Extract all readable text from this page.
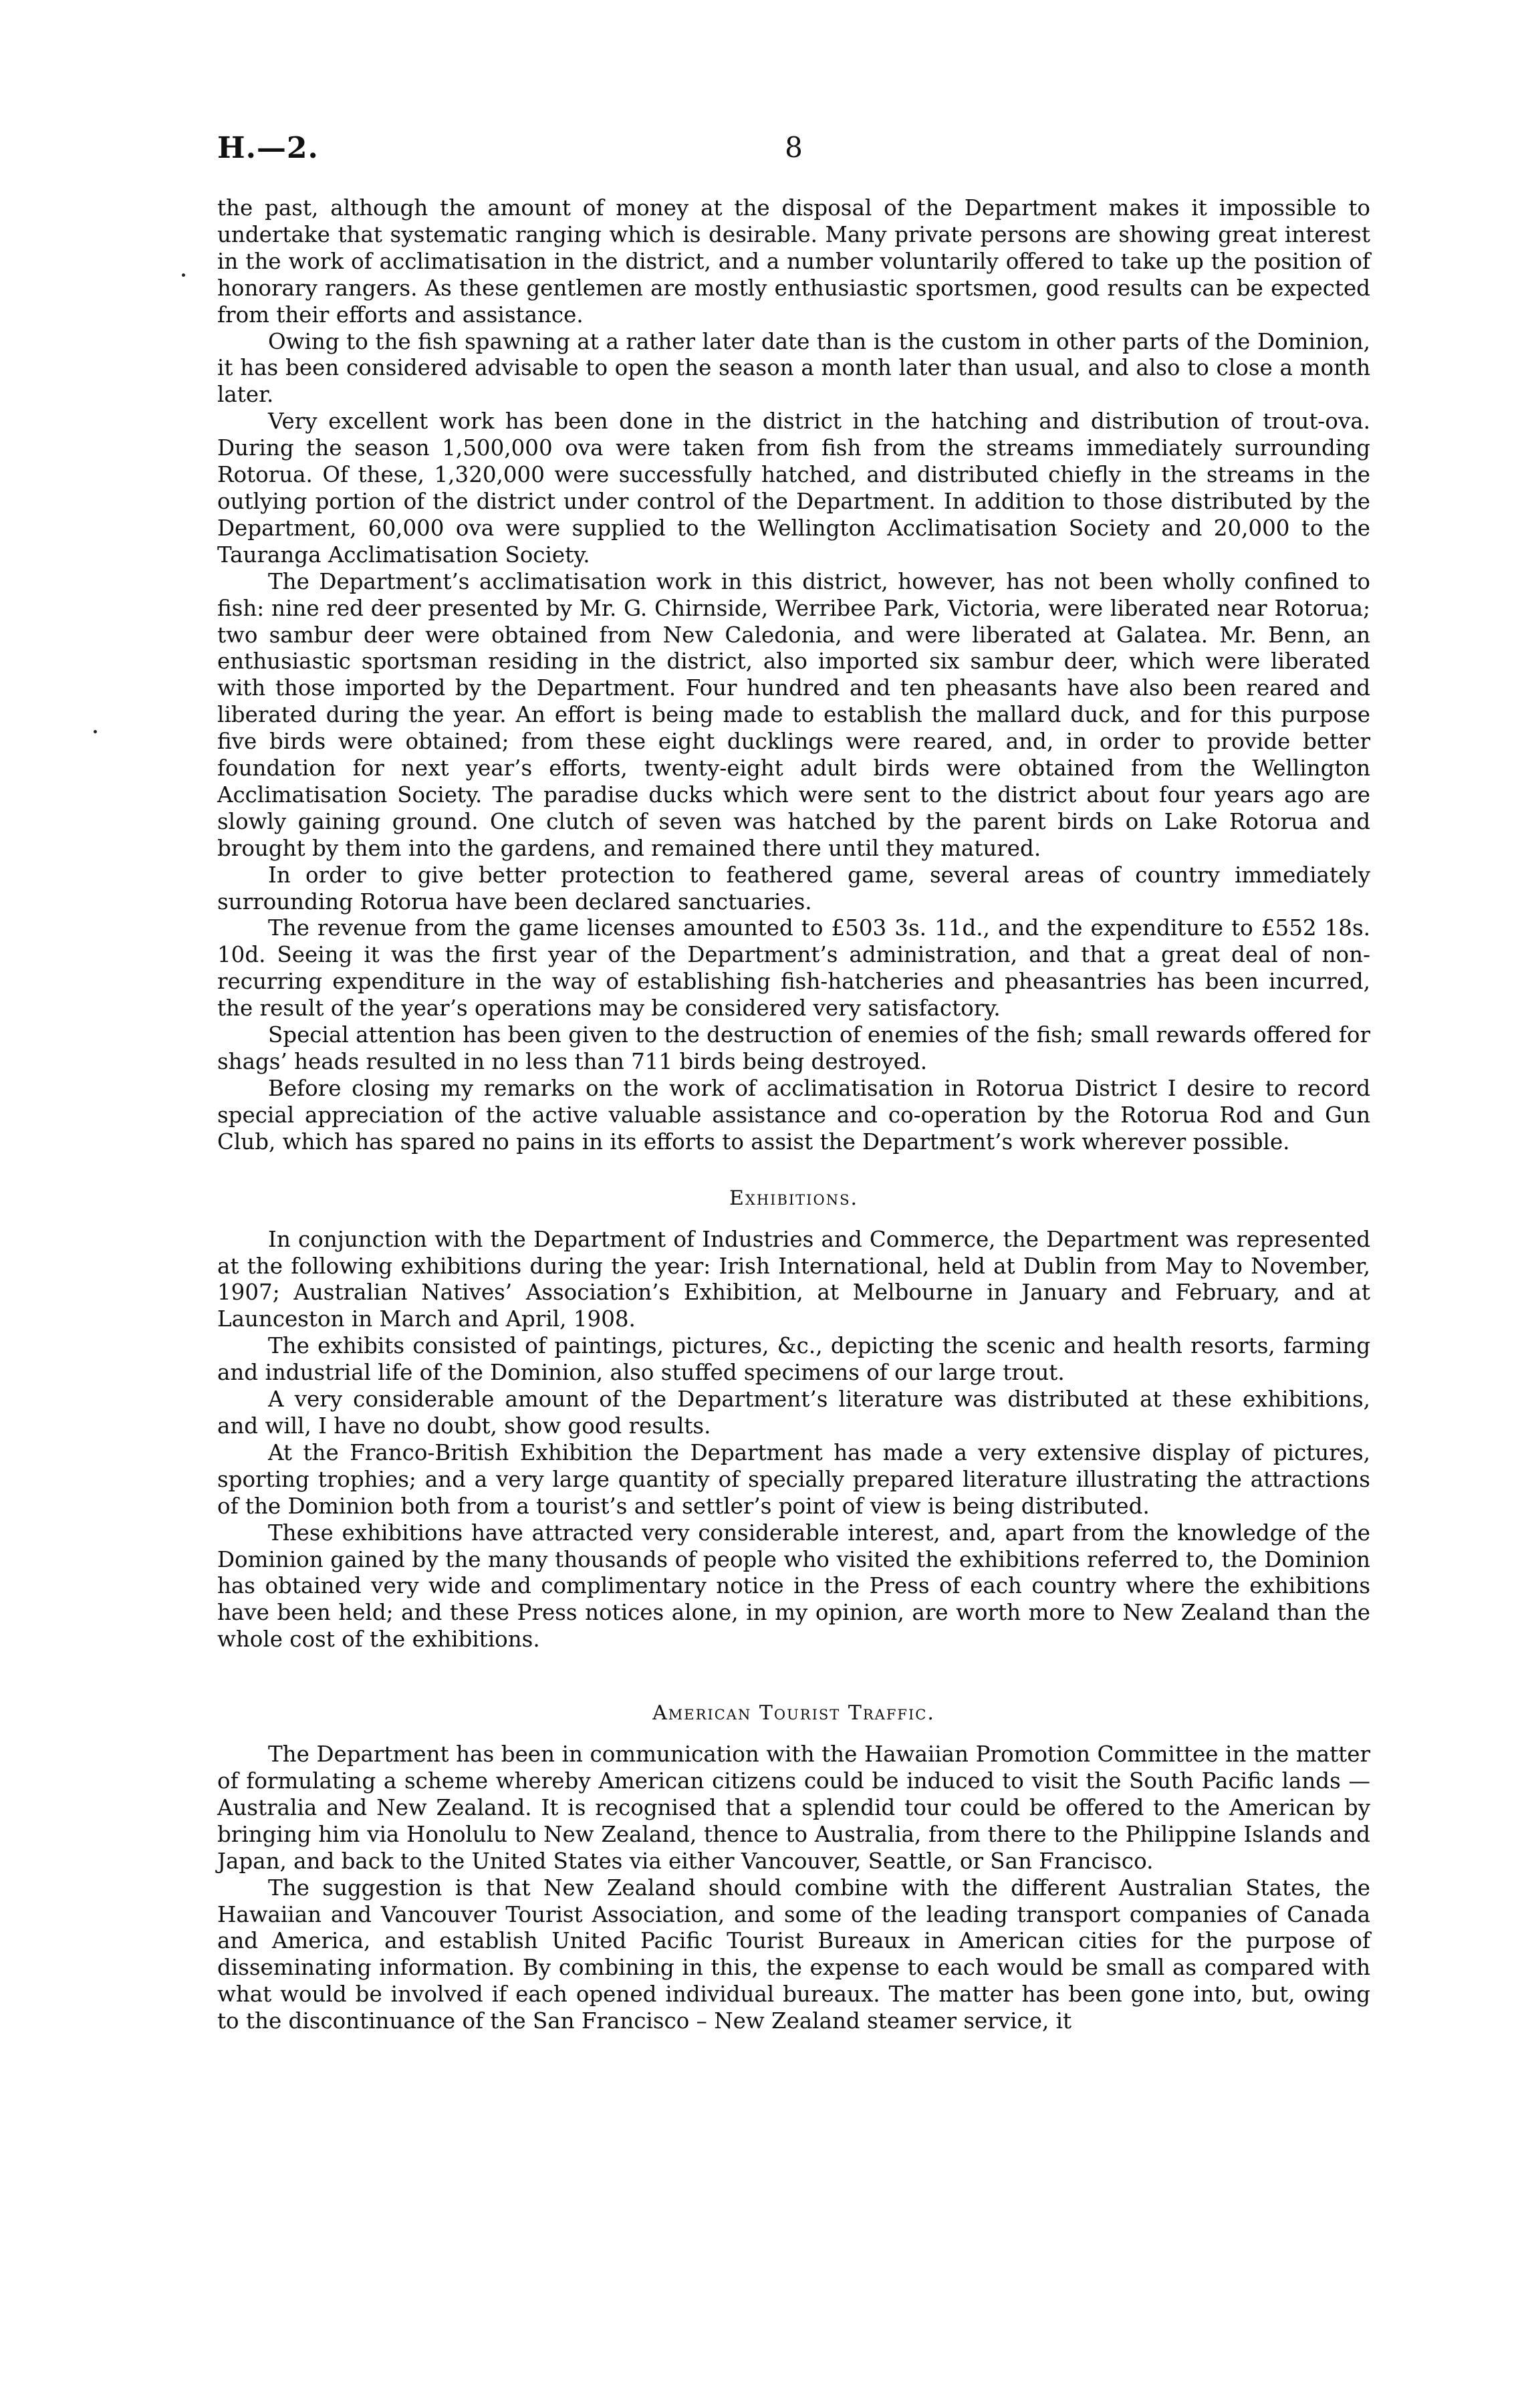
H.—2.	8

the past, although the amount of money at the disposal of the Department makes it impossible to undertake that systematic ranging which is desirable. Many private persons are showing great interest in the work of acclimatisation in the district, and a number voluntarily offered to take up the position of honorary rangers. As these gentlemen are mostly enthusiastic sportsmen, good results can be expected from their efforts and assistance.

Owing to the fish spawning at a rather later date than is the custom in other parts of the Dominion, it has been considered advisable to open the season a month later than usual, and also to close a month later.

Very excellent work has been done in the district in the hatching and distribution of trout-ova. During the season 1,500,000 ova were taken from fish from the streams immediately surrounding Rotorua. Of these, 1,320,000 were successfully hatched, and distributed chiefly in the streams in the outlying portion of the district under control of the Department. In addition to those distributed by the Department, 60,000 ova were supplied to the Wellington Acclimatisation Society and 20,000 to the Tauranga Acclimatisation Society.

The Department’s acclimatisation work in this district, however, has not been wholly confined to fish: nine red deer presented by Mr. G. Chirnside, Werribee Park, Victoria, were liberated near Rotorua; two sambur deer were obtained from New Caledonia, and were liberated at Galatea. Mr. Benn, an enthusiastic sportsman residing in the district, also imported six sambur deer, which were liberated with those imported by the Department. Four hundred and ten pheasants have also been reared and liberated during the year. An effort is being made to establish the mallard duck, and for this purpose five birds were obtained; from these eight ducklings were reared, and, in order to provide better foundation for next year’s efforts, twenty-eight adult birds were obtained from the Wellington Acclimatisation Society. The paradise ducks which were sent to the district about four years ago are slowly gaining ground. One clutch of seven was hatched by the parent birds on Lake Rotorua and brought by them into the gardens, and remained there until they matured.

In order to give better protection to feathered game, several areas of country immediately surrounding Rotorua have been declared sanctuaries.

The revenue from the game licenses amounted to £503 3s. 11d., and the expenditure to £552 18s. 10d. Seeing it was the first year of the Department’s administration, and that a great deal of non-recurring expenditure in the way of establishing fish-hatcheries and pheasantries has been incurred, the result of the year’s operations may be considered very satisfactory.

Special attention has been given to the destruction of enemies of the fish; small rewards offered for shags’ heads resulted in no less than 711 birds being destroyed.

Before closing my remarks on the work of acclimatisation in Rotorua District I desire to record special appreciation of the active valuable assistance and co-operation by the Rotorua Rod and Gun Club, which has spared no pains in its efforts to assist the Department’s work wherever possible.

Exhibitions.

In conjunction with the Department of Industries and Commerce, the Department was represented at the following exhibitions during the year: Irish International, held at Dublin from May to November, 1907; Australian Natives’ Association’s Exhibition, at Melbourne in January and February, and at Launceston in March and April, 1908.

The exhibits consisted of paintings, pictures, &c., depicting the scenic and health resorts, farming and industrial life of the Dominion, also stuffed specimens of our large trout.

A very considerable amount of the Department’s literature was distributed at these exhibitions, and will, I have no doubt, show good results.

At the Franco-British Exhibition the Department has made a very extensive display of pictures, sporting trophies; and a very large quantity of specially prepared literature illustrating the attractions of the Dominion both from a tourist’s and settler’s point of view is being distributed.

These exhibitions have attracted very considerable interest, and, apart from the knowledge of the Dominion gained by the many thousands of people who visited the exhibitions referred to, the Dominion has obtained very wide and complimentary notice in the Press of each country where the exhibitions have been held; and these Press notices alone, in my opinion, are worth more to New Zealand than the whole cost of the exhibitions.

American Tourist Traffic.

The Department has been in communication with the Hawaiian Promotion Committee in the matter of formulating a scheme whereby American citizens could be induced to visit the South Pacific lands — Australia and New Zealand. It is recognised that a splendid tour could be offered to the American by bringing him via Honolulu to New Zealand, thence to Australia, from there to the Philippine Islands and Japan, and back to the United States via either Vancouver, Seattle, or San Francisco.

The suggestion is that New Zealand should combine with the different Australian States, the Hawaiian and Vancouver Tourist Association, and some of the leading transport companies of Canada and America, and establish United Pacific Tourist Bureaux in American cities for the purpose of disseminating information. By combining in this, the expense to each would be small as compared with what would be involved if each opened individual bureaux. The matter has been gone into, but, owing to the discontinuance of the San Francisco – New Zealand steamer service, it
